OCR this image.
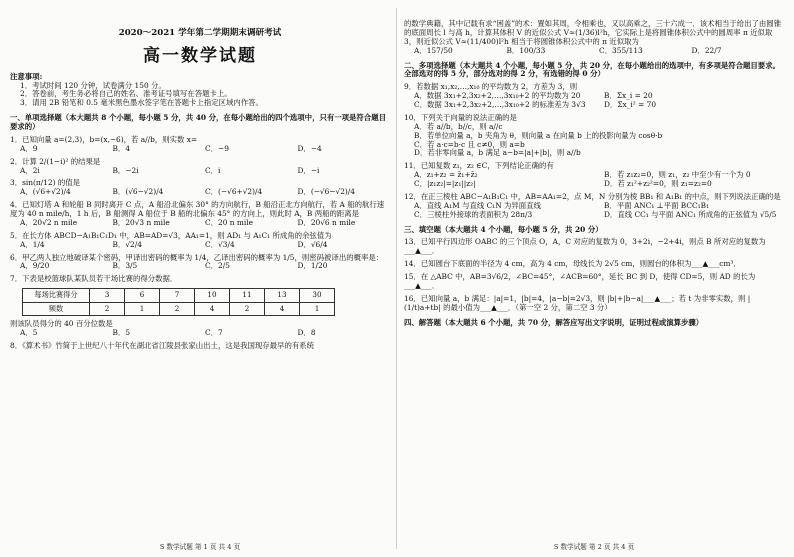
2020～2021 学年第二学期期末调研考试
高一数学试题
注意事项:
1．考试时间 120 分钟，试卷满分 150 分。
2．答卷前，考生务必将自己的姓名、准考证号填写在答题卡上。
3．请用 2B 铅笔和 0.5 毫米黑色墨水签字笔在答题卡上指定区域内作答。
一、单项选择题（本大题共 8 个小题，每小题 5 分，共 40 分，在每小题给出的四个选项中，只有一项是符合题目要求的）
1．已知向量 a=(2,3)，b=(x,−6)，若 a//b，则实数 x=
A．9	B．4	C．−9	D．−4
2．计算 2/(1−i)² 的结果是
A．2i	B．−2i	C．i	D．−i
3．sin(π/12) 的值是
A．(√6+√2)/4	B．(√6−√2)/4	C．(−√6+√2)/4	D．(−√6−√2)/4
4．已知灯塔 A 和轮船 B 同时离开 C 点，A 船沿北偏东 30° 的方向航行，B 船沿正北方向航行，若 A 船的航行速度为 40 n mile/h，1 h 后，B 船测得 A 船位于 B 船的北偏东 45° 的方向上，则此时 A，B 两船的距离是
A．20√2 n mile	B．20√3 n mile	C．20 n mile	D．20√6 n mile
5．在长方体 ABCD−A₁B₁C₁D₁ 中，AB=AD=√3，AA₁=1，则 AD₁ 与 A₁C₁ 所成角的余弦值为
A．1/4	B．√2/4	C．√3/4	D．√6/4
6．甲乙两人独立地破译某个密码，甲译出密码的概率为 1/4，乙译出密码的概率为 1/5，则密码被译出的概率是：
A．9/20	B．3/5	C．2/5	D．1/20
7．下表是校篮球队某队员若干场比赛的得分数据．
每场比赛得分	3	6	7	10	11	13	30
频数	2	1	2	4	2	4	1
则该队员得分的 40 百分位数是
A．5	B．5	C．7	D．8
8．《算术书》竹简于上世纪八十年代在湖北省江陵县张家山出土，这是我国现存最早的有系统
S 数学试题 第 1 页 共 4 页
的数学典籍，其中记载有求“困盖”的术：置如其周，令相乘也，又以高乘之，三十六成一．该术相当于给出了由圆锥的底面周长 l 与高 h，计算其体积 V 的近似公式 V≈(1/36)l²h，它实际上是将圆锥体积公式中的圆周率 π 近似取 3，则近似公式 V≈(11/400)l²h 相当于将圆锥体积公式中的 π 近似取为
A．157/50	B．100/33	C．355/113	D．22/7
二、多项选择题（本大题共 4 个小题，每小题 5 分，共 20 分，在每小题给出的选项中，有多项是符合题目要求。全部选对的得 5 分，部分选对的得 2 分，有选错的得 0 分）
9．若数据 x₁,x₂,…,x₁₀ 的平均数为 2，方差为 3，则
A．数据 3x₁+2,3x₂+2,…,3x₁₀+2 的平均数为 20	B．Σx_i = 20
C．数据 3x₁+2,3x₂+2,…,3x₁₀+2 的标准差为 3√3	D．Σx_i² = 70
10．下列关于向量的说法正确的是
A．若 a//b，b//c，则 a//c
B．若单位向量 a，b 夹角为 θ，则向量 a 在向量 b 上的投影向量为 cosθ·b
C．若 a·c=b·c 且 c≠0，则 a=b
D．若非零向量 a，b 满足 a−b=|a|+|b|，则 a//b
11．已知复数 z₁，z₂ ∈C，下列结论正确的有
A．z₁+z₂ = z̄₁+z̄₂	B．若 z₁z₂=0，则 z₁，z₂ 中至少有一个为 0
C．|z₁z₂|=|z₁||z₂|	D．若 z₁²+z₂²=0，则 z₁=z₂=0
12．在正三棱柱 ABC−A₁B₁C₁ 中，AB=AA₁=2，点 M，N 分别为棱 BB₁ 和 A₁B₁ 的中点，则下列说法正确的是
A．直线 A₁M 与直线 C₁N 为异面直线	B．平面 ANC₁ ⊥平面 BCC₁B₁
C．三棱柱外接球的表面积为 28π/3	D．直线 CC₁ 与平面 ANC₁ 所成角的正弦值为 √5/5
三、填空题（本大题共 4 个小题，每小题 5 分，共 20 分）
13．已知平行四边形 OABC 的三个顶点 O，A，C 对应的复数为 0，3+2i，−2+4i，则点 B 所对应的复数为___▲___．
14．已知圆台下底面的半径为 4 cm，高为 4 cm，母线长为 2√5 cm，则圆台的体积为___▲___cm³．
15．在 △ABC 中，AB=3√6/2，∠BC=45°，∠ACB=60°，延长 BC 到 D，使得 CD=5，则 AD 的长为___▲___．
16．已知向量 a，b 满足：|a|=1，|b|=4，|a−b|=2√3，则 |b|+|b−a|___▲___；若 t 为非零实数，则 |(1/t)a+tb| 的最小值为___▲___．（第一空 2 分，第二空 3 分）
四、解答题（本大题共 6 个小题，共 70 分，解答应写出文字说明，证明过程或演算步骤）
S 数学试题 第 2 页 共 4 页
